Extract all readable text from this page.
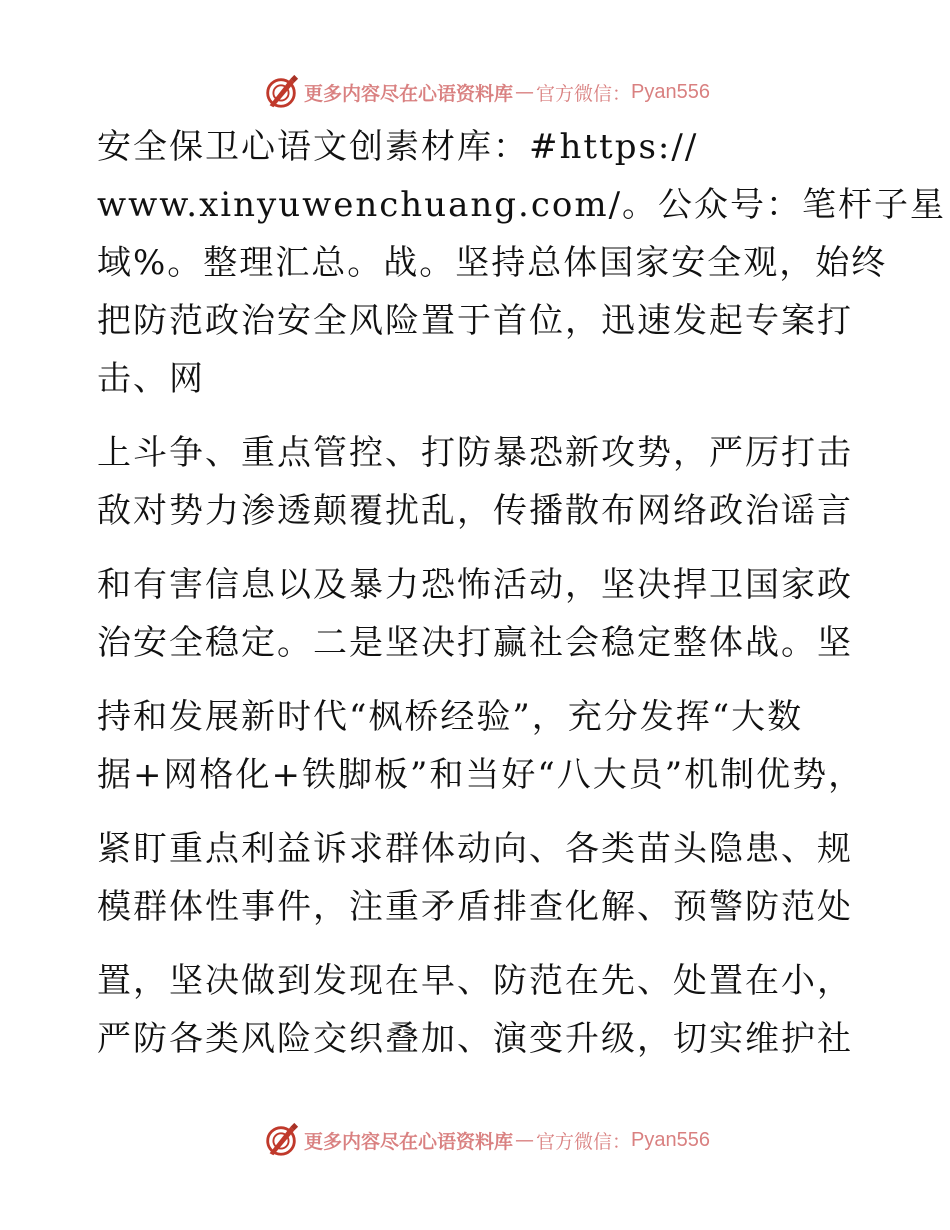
更多内容尽在心语资料库 — 官方微信： Pyan556
安全保卫心语文创素材库：#https://
www.xinyuwenchuang.com/。公众号：笔杆子星
域%。整理汇总。战。坚持总体国家安全观，始终
把防范政治安全风险置于首位，迅速发起专案打
击、网
上斗争、重点管控、打防暴恐新攻势，严厉打击
敌对势力渗透颠覆扰乱，传播散布网络政治谣言
和有害信息以及暴力恐怖活动，坚决捍卫国家政
治安全稳定。二是坚决打赢社会稳定整体战。坚
持和发展新时代“枫桥经验”，充分发挥“大数
据+网格化+铁脚板”和当好“八大员”机制优势，
紧盯重点利益诉求群体动向、各类苗头隐患、规
模群体性事件，注重矛盾排查化解、预警防范处
置，坚决做到发现在早、防范在先、处置在小，
严防各类风险交织叠加、演变升级，切实维护社
更多内容尽在心语资料库 — 官方微信： Pyan556
